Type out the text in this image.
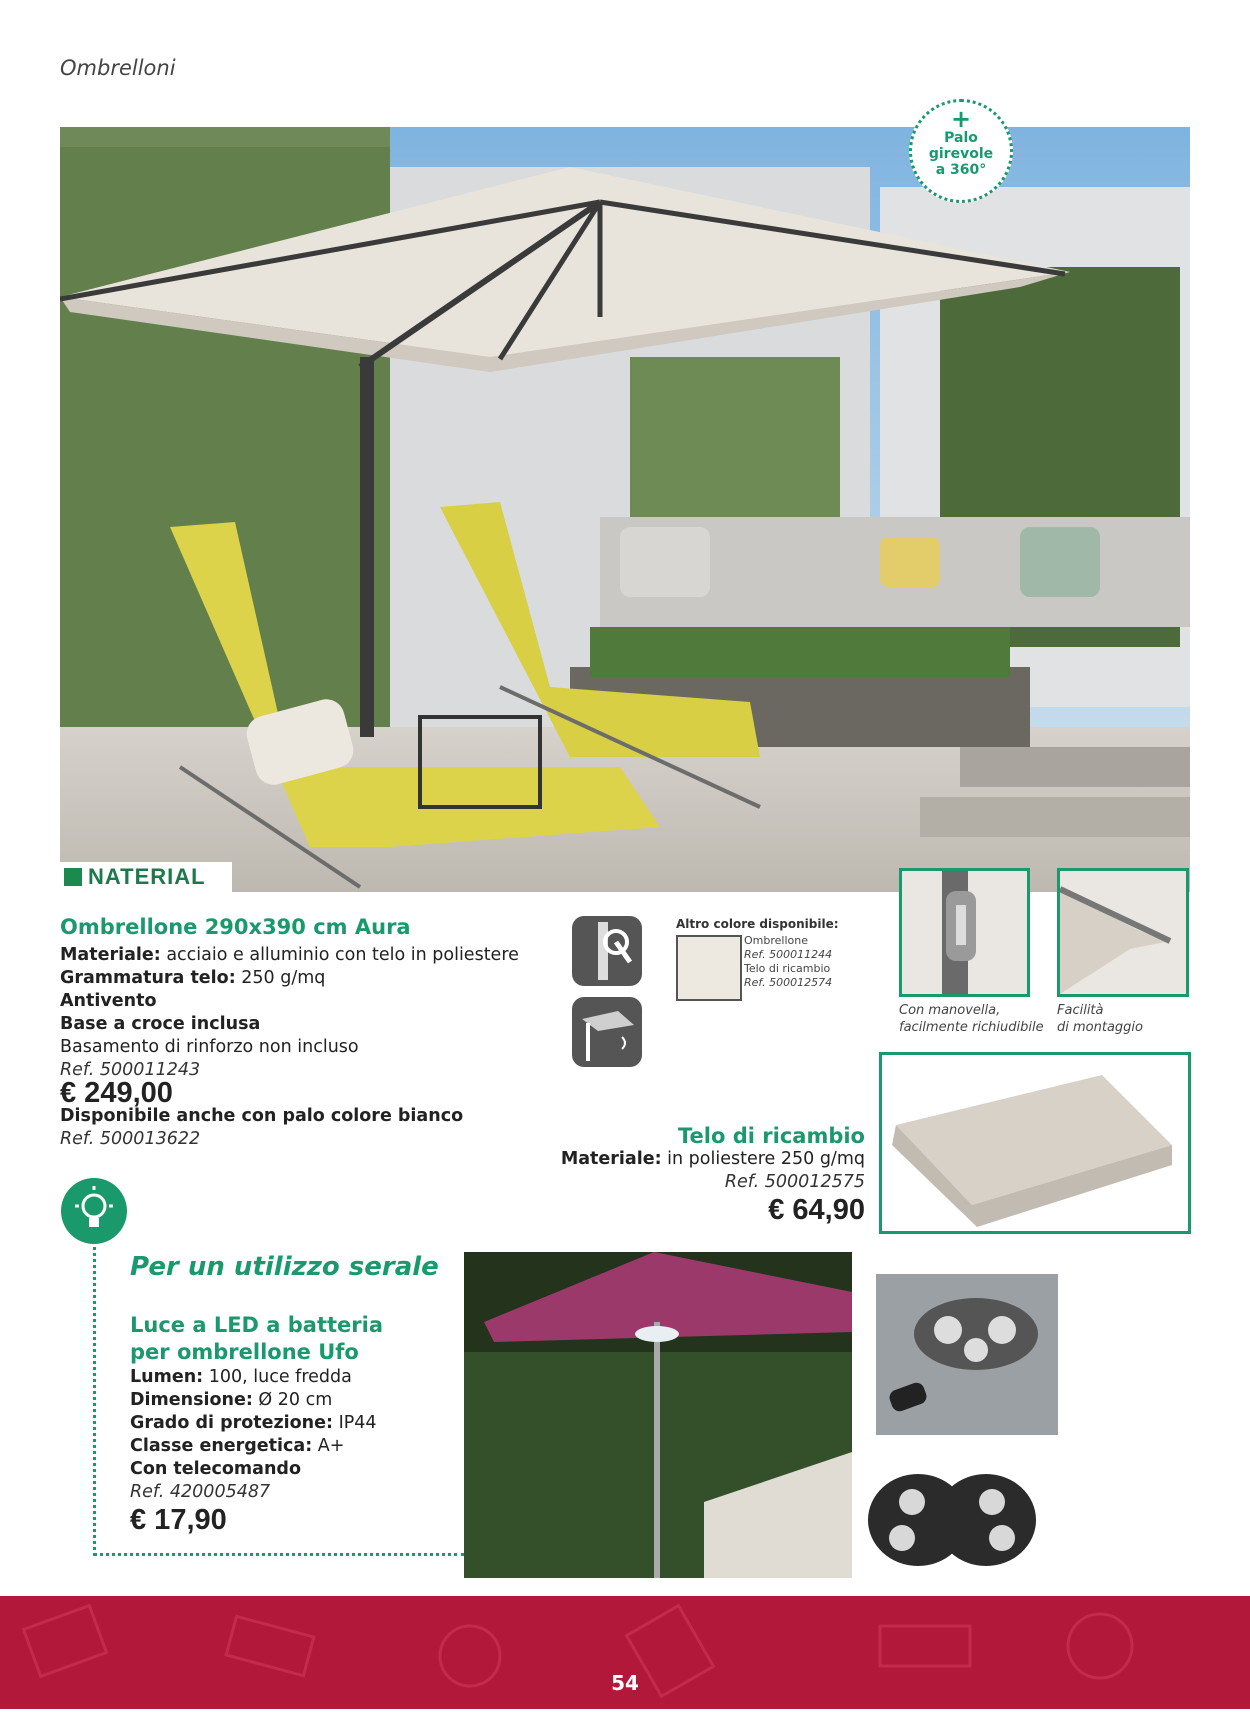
Ombrelloni
+
Palo
girevole
a 360°
NATERIAL
Ombrellone 290x390 cm Aura
Materiale: acciaio e alluminio con telo in poliestere
Grammatura telo: 250 g/mq
Antivento
Base a croce inclusa
Basamento di rinforzo non incluso
Ref. 500011243
€ 249,00
Disponibile anche con palo colore bianco
Ref. 500013622
Altro colore disponibile:
Ombrellone
Ref. 500011244
Telo di ricambio
Ref. 500012574
Con manovella,
facilmente richiudibile
Facilità
di montaggio
Telo di ricambio
Materiale: in poliestere 250 g/mq
Ref. 500012575
€ 64,90
Per un utilizzo serale
Luce a LED a batteria
per ombrellone Ufo
Lumen: 100, luce fredda
Dimensione: Ø 20 cm
Grado di protezione: IP44
Classe energetica: A+
Con telecomando
Ref. 420005487
€ 17,90
54
